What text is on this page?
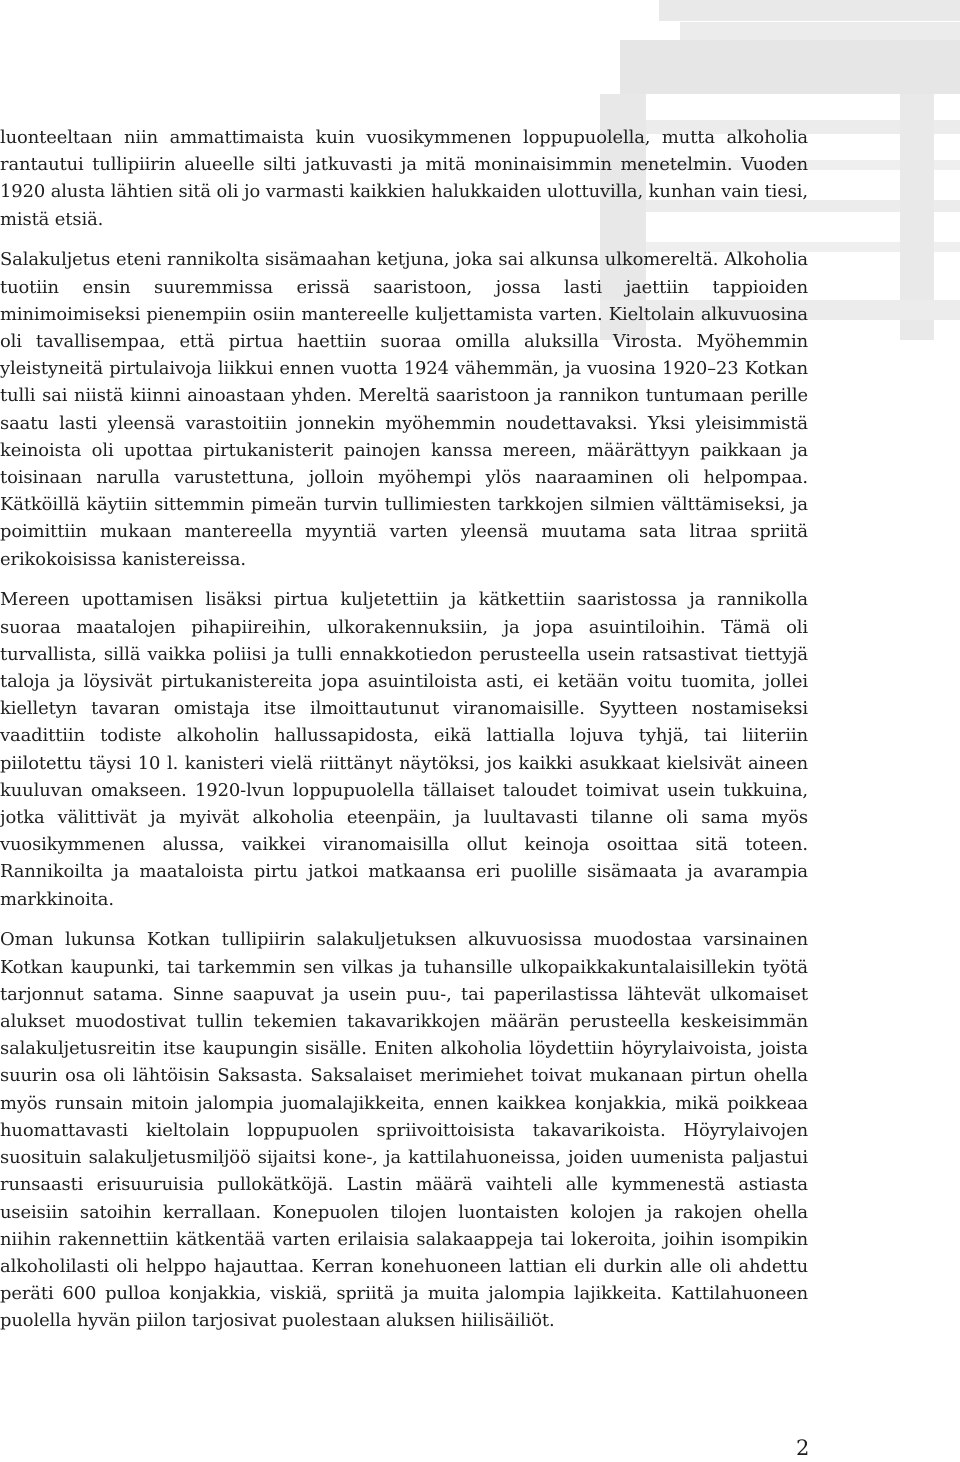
luonteeltaan niin ammattimaista kuin vuosikymmenen loppupuolella, mutta alkoholia rantautui tullipiirin alueelle silti jatkuvasti ja mitä moninaisimmin menetelmin. Vuoden 1920 alusta lähtien sitä oli jo varmasti kaikkien halukkaiden ulottuvilla, kunhan vain tiesi, mistä etsiä.

Salakuljetus eteni rannikolta sisämaahan ketjuna, joka sai alkunsa ulkomereltä. Alkoholia tuotiin ensin suuremmissa erissä saaristoon, jossa lasti jaettiin tappioiden minimoimiseksi pienempiin osiin mantereelle kuljettamista varten. Kieltolain alkuvuosina oli tavallisempaa, että pirtua haettiin suoraa omilla aluksilla Virosta. Myöhemmin yleistyneitä pirtulaivoja liikkui ennen vuotta 1924 vähemmän, ja vuosina 1920–23 Kotkan tulli sai niistä kiinni ainoastaan yhden. Mereltä saaristoon ja rannikon tuntumaan perille saatu lasti yleensä varastoitiin jonnekin myöhemmin noudettavaksi. Yksi yleisimmistä keinoista oli upottaa pirtukanisterit painojen kanssa mereen, määrättyyn paikkaan ja toisinaan narulla varustettuna, jolloin myöhempi ylös naaraaminen oli helpompaa. Kätköillä käytiin sittemmin pimeän turvin tullimiesten tarkkojen silmien välttämiseksi, ja poimittiin mukaan mantereella myyntiä varten yleensä muutama sata litraa spriitä erikokoisissa kanistereissa.

Mereen upottamisen lisäksi pirtua kuljetettiin ja kätkettiin saaristossa ja rannikolla suoraa maatalojen pihapiireihin, ulkorakennuksiin, ja jopa asuintiloihin. Tämä oli turvallista, sillä vaikka poliisi ja tulli ennakkotiedon perusteella usein ratsastivat tiettyjä taloja ja löysivät pirtukanistereita jopa asuintiloista asti, ei ketään voitu tuomita, jollei kielletyn tavaran omistaja itse ilmoittautunut viranomaisille. Syytteen nostamiseksi vaadittiin todiste alkoholin hallussapidosta, eikä lattialla lojuva tyhjä, tai liiteriin piilotettu täysi 10 l. kanisteri vielä riittänyt näytöksi, jos kaikki asukkaat kielsivät aineen kuuluvan omakseen. 1920-lvun loppupuolella tällaiset taloudet toimivat usein tukkuina, jotka välittivät ja myivät alkoholia eteenpäin, ja luultavasti tilanne oli sama myös vuosikymmenen alussa, vaikkei viranomaisilla ollut keinoja osoittaa sitä toteen. Rannikoilta ja maataloista pirtu jatkoi matkaansa eri puolille sisämaata ja avarampia markkinoita.

Oman lukunsa Kotkan tullipiirin salakuljetuksen alkuvuosissa muodostaa varsinainen Kotkan kaupunki, tai tarkemmin sen vilkas ja tuhansille ulkopaikkakuntalaisillekin työtä tarjonnut satama. Sinne saapuvat ja usein puu-, tai paperilastissa lähtevät ulkomaiset alukset muodostivat tullin tekemien takavarikkojen määrän perusteella keskeisimmän salakuljetusreitin itse kaupungin sisälle. Eniten alkoholia löydettiin höyrylaivoista, joista suurin osa oli lähtöisin Saksasta. Saksalaiset merimiehet toivat mukanaan pirtun ohella myös runsain mitoin jalompia juomalajikkeita, ennen kaikkea konjakkia, mikä poikkeaa huomattavasti kieltolain loppupuolen spriivoittoisista takavarikoista. Höyrylaivojen suosituin salakuljetusmiljöö sijaitsi kone-, ja kattilahuoneissa, joiden uumenista paljastui runsaasti erisuuruisia pullokätköjä. Lastin määrä vaihteli alle kymmenestä astiasta useisiin satoihin kerrallaan. Konepuolen tilojen luontaisten kolojen ja rakojen ohella niihin rakennettiin kätkentää varten erilaisia salakaappeja tai lokeroita, joihin isompikin alkoholilasti oli helppo hajauttaa. Kerran konehuoneen lattian eli durkin alle oli ahdettu peräti 600 pulloa konjakkia, viskiä, spriitä ja muita jalompia lajikkeita. Kattilahuoneen puolella hyvän piilon tarjosivat puolestaan aluksen hiilisäiliöt.

2
